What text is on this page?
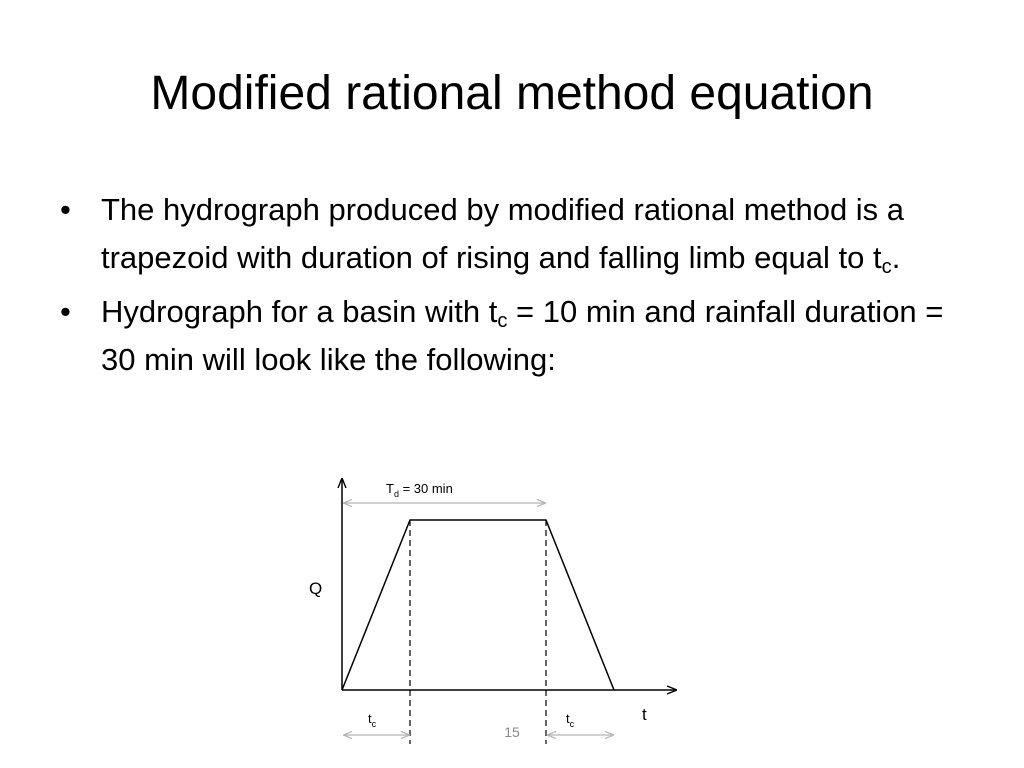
Modified rational method equation
• The hydrograph produced by modified rational method is a trapezoid with duration of rising and falling limb equal to $t_c$.
• Hydrograph for a basin with $t_c = 10$ min and rainfall duration = 30 min will look like the following:
$T_d = 30$ min
$t_c$	$t_c$
Q
t
15
